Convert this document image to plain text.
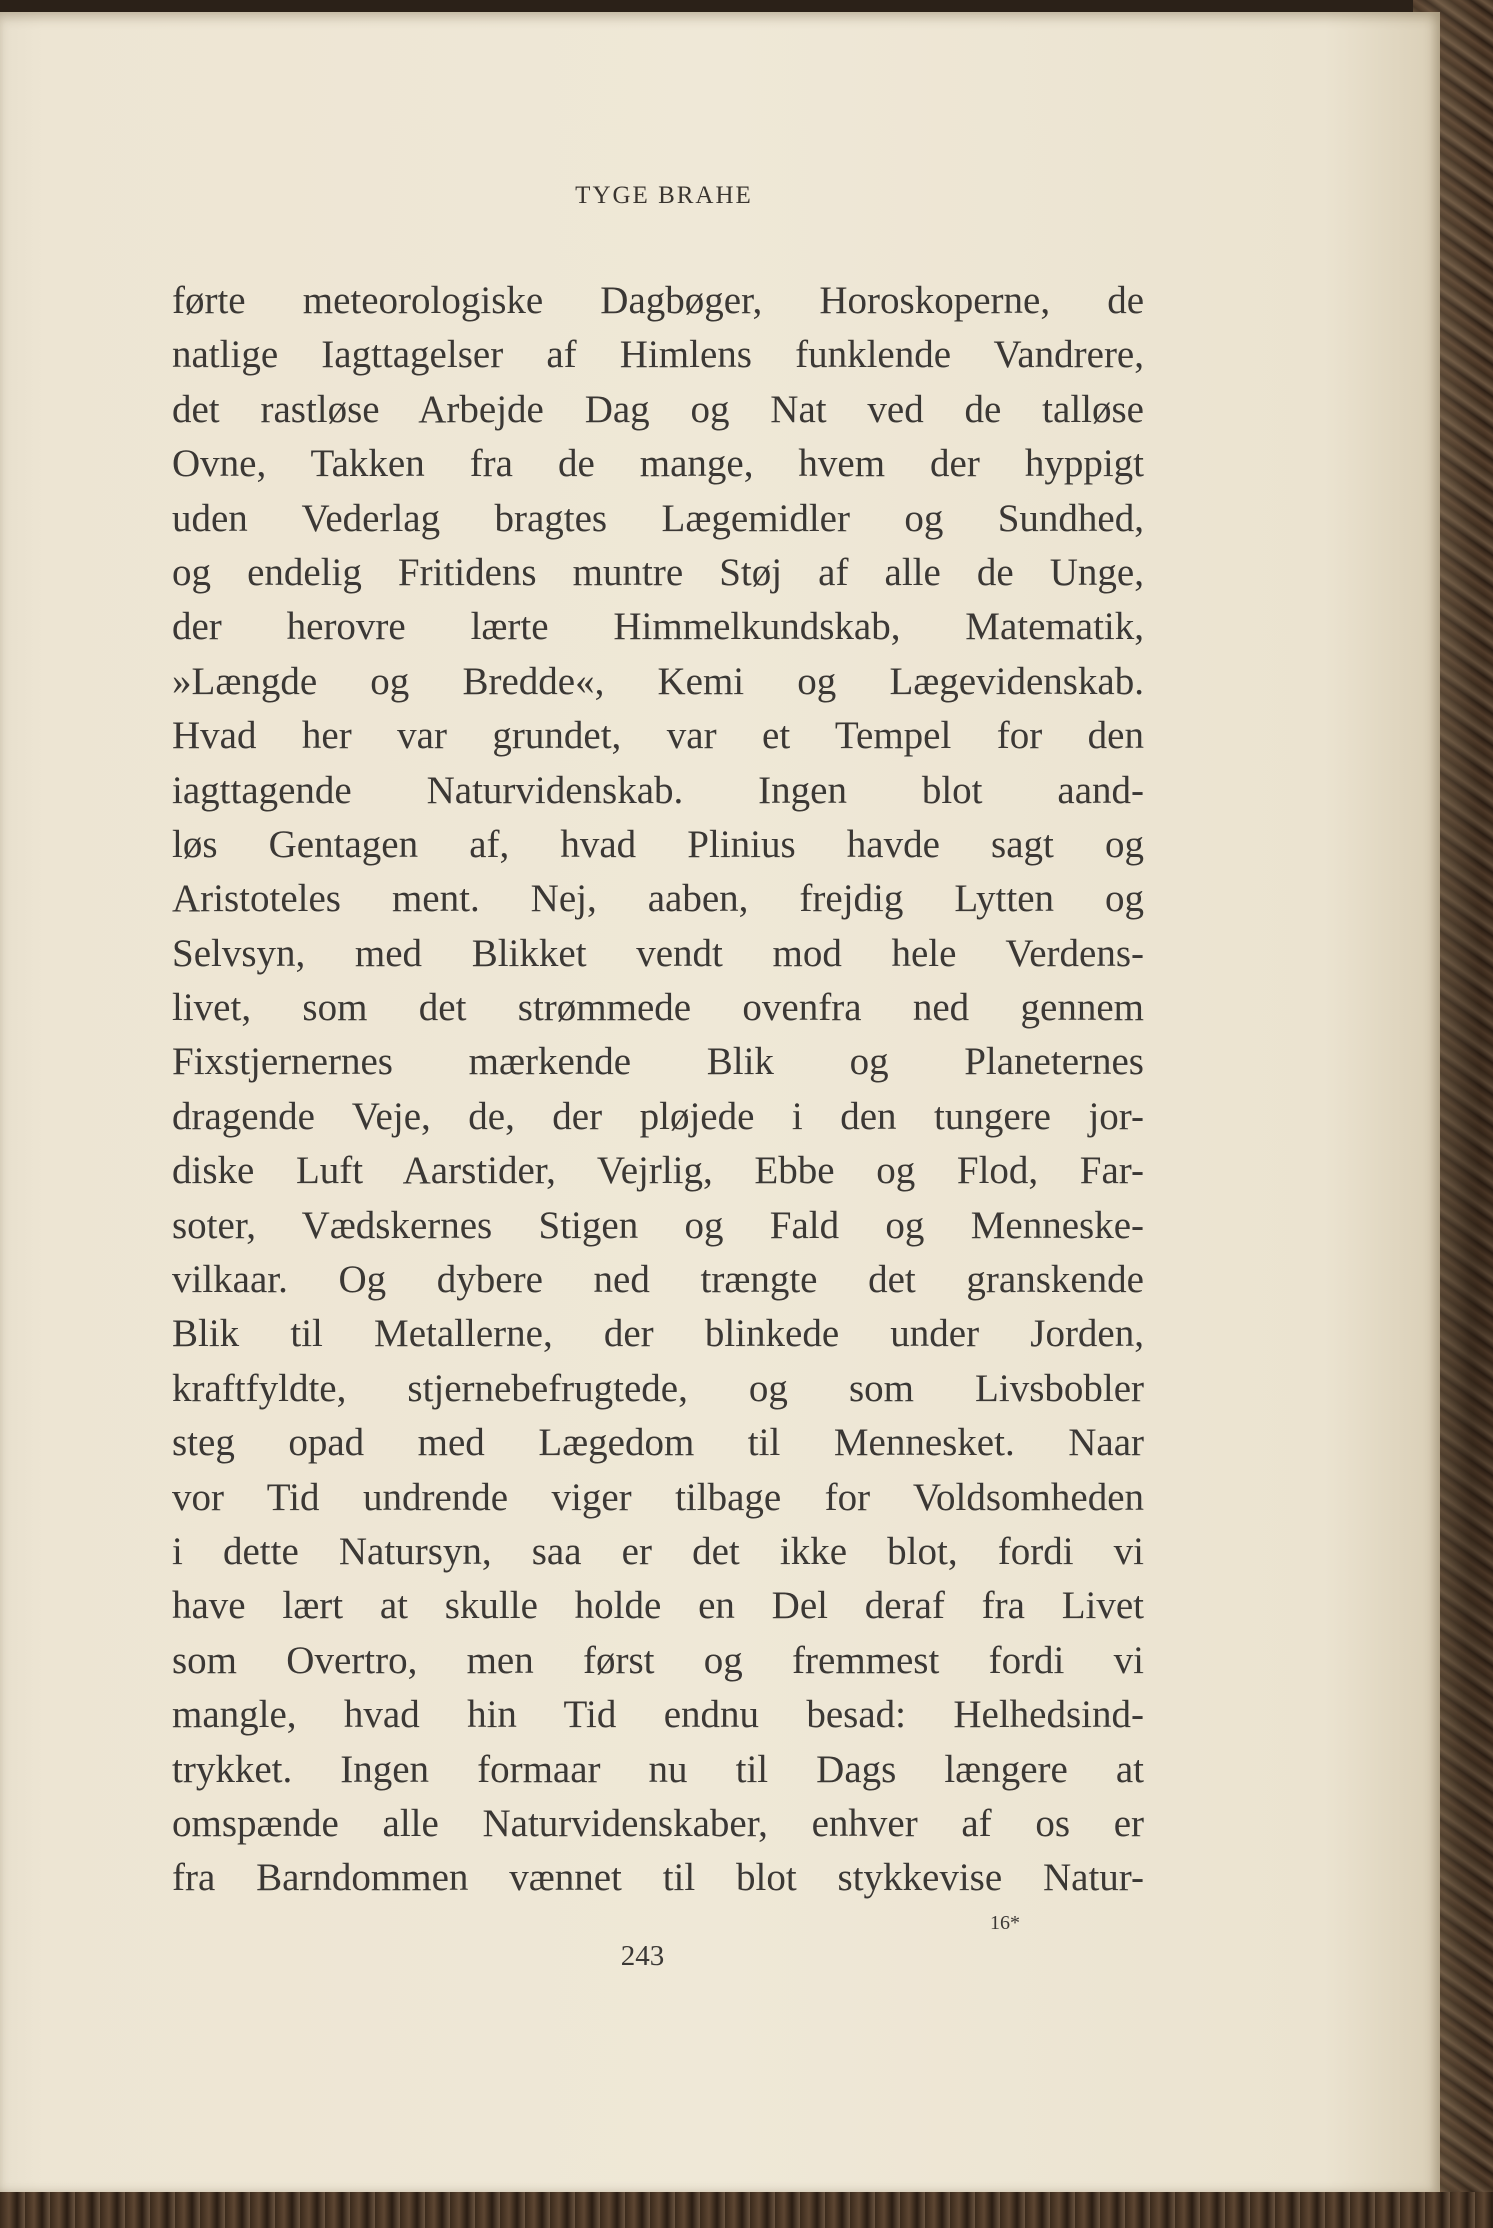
TYGE BRAHE
førte meteorologiske Dagbøger, Horoskoperne, de
natlige Iagttagelser af Himlens funklende Vandrere,
det rastløse Arbejde Dag og Nat ved de talløse
Ovne, Takken fra de mange, hvem der hyppigt
uden Vederlag bragtes Lægemidler og Sundhed,
og endelig Fritidens muntre Støj af alle de Unge,
der herovre lærte Himmelkundskab, Matematik,
»Længde og Bredde«, Kemi og Lægevidenskab.
Hvad her var grundet, var et Tempel for den
iagttagende Naturvidenskab. Ingen blot aand-
løs Gentagen af, hvad Plinius havde sagt og
Aristoteles ment. Nej, aaben, frejdig Lytten og
Selvsyn, med Blikket vendt mod hele Verdens-
livet, som det strømmede ovenfra ned gennem
Fixstjernernes mærkende Blik og Planeternes
dragende Veje, de, der pløjede i den tungere jor-
diske Luft Aarstider, Vejrlig, Ebbe og Flod, Far-
soter, Vædskernes Stigen og Fald og Menneske-
vilkaar. Og dybere ned trængte det granskende
Blik til Metallerne, der blinkede under Jorden,
kraftfyldte, stjernebefrugtede, og som Livsbobler
steg opad med Lægedom til Mennesket. Naar
vor Tid undrende viger tilbage for Voldsomheden
i dette Natursyn, saa er det ikke blot, fordi vi
have lært at skulle holde en Del deraf fra Livet
som Overtro, men først og fremmest fordi vi
mangle, hvad hin Tid endnu besad: Helhedsind-
trykket. Ingen formaar nu til Dags længere at
omspænde alle Naturvidenskaber, enhver af os er
fra Barndommen vænnet til blot stykkevise Natur-
16*
243
